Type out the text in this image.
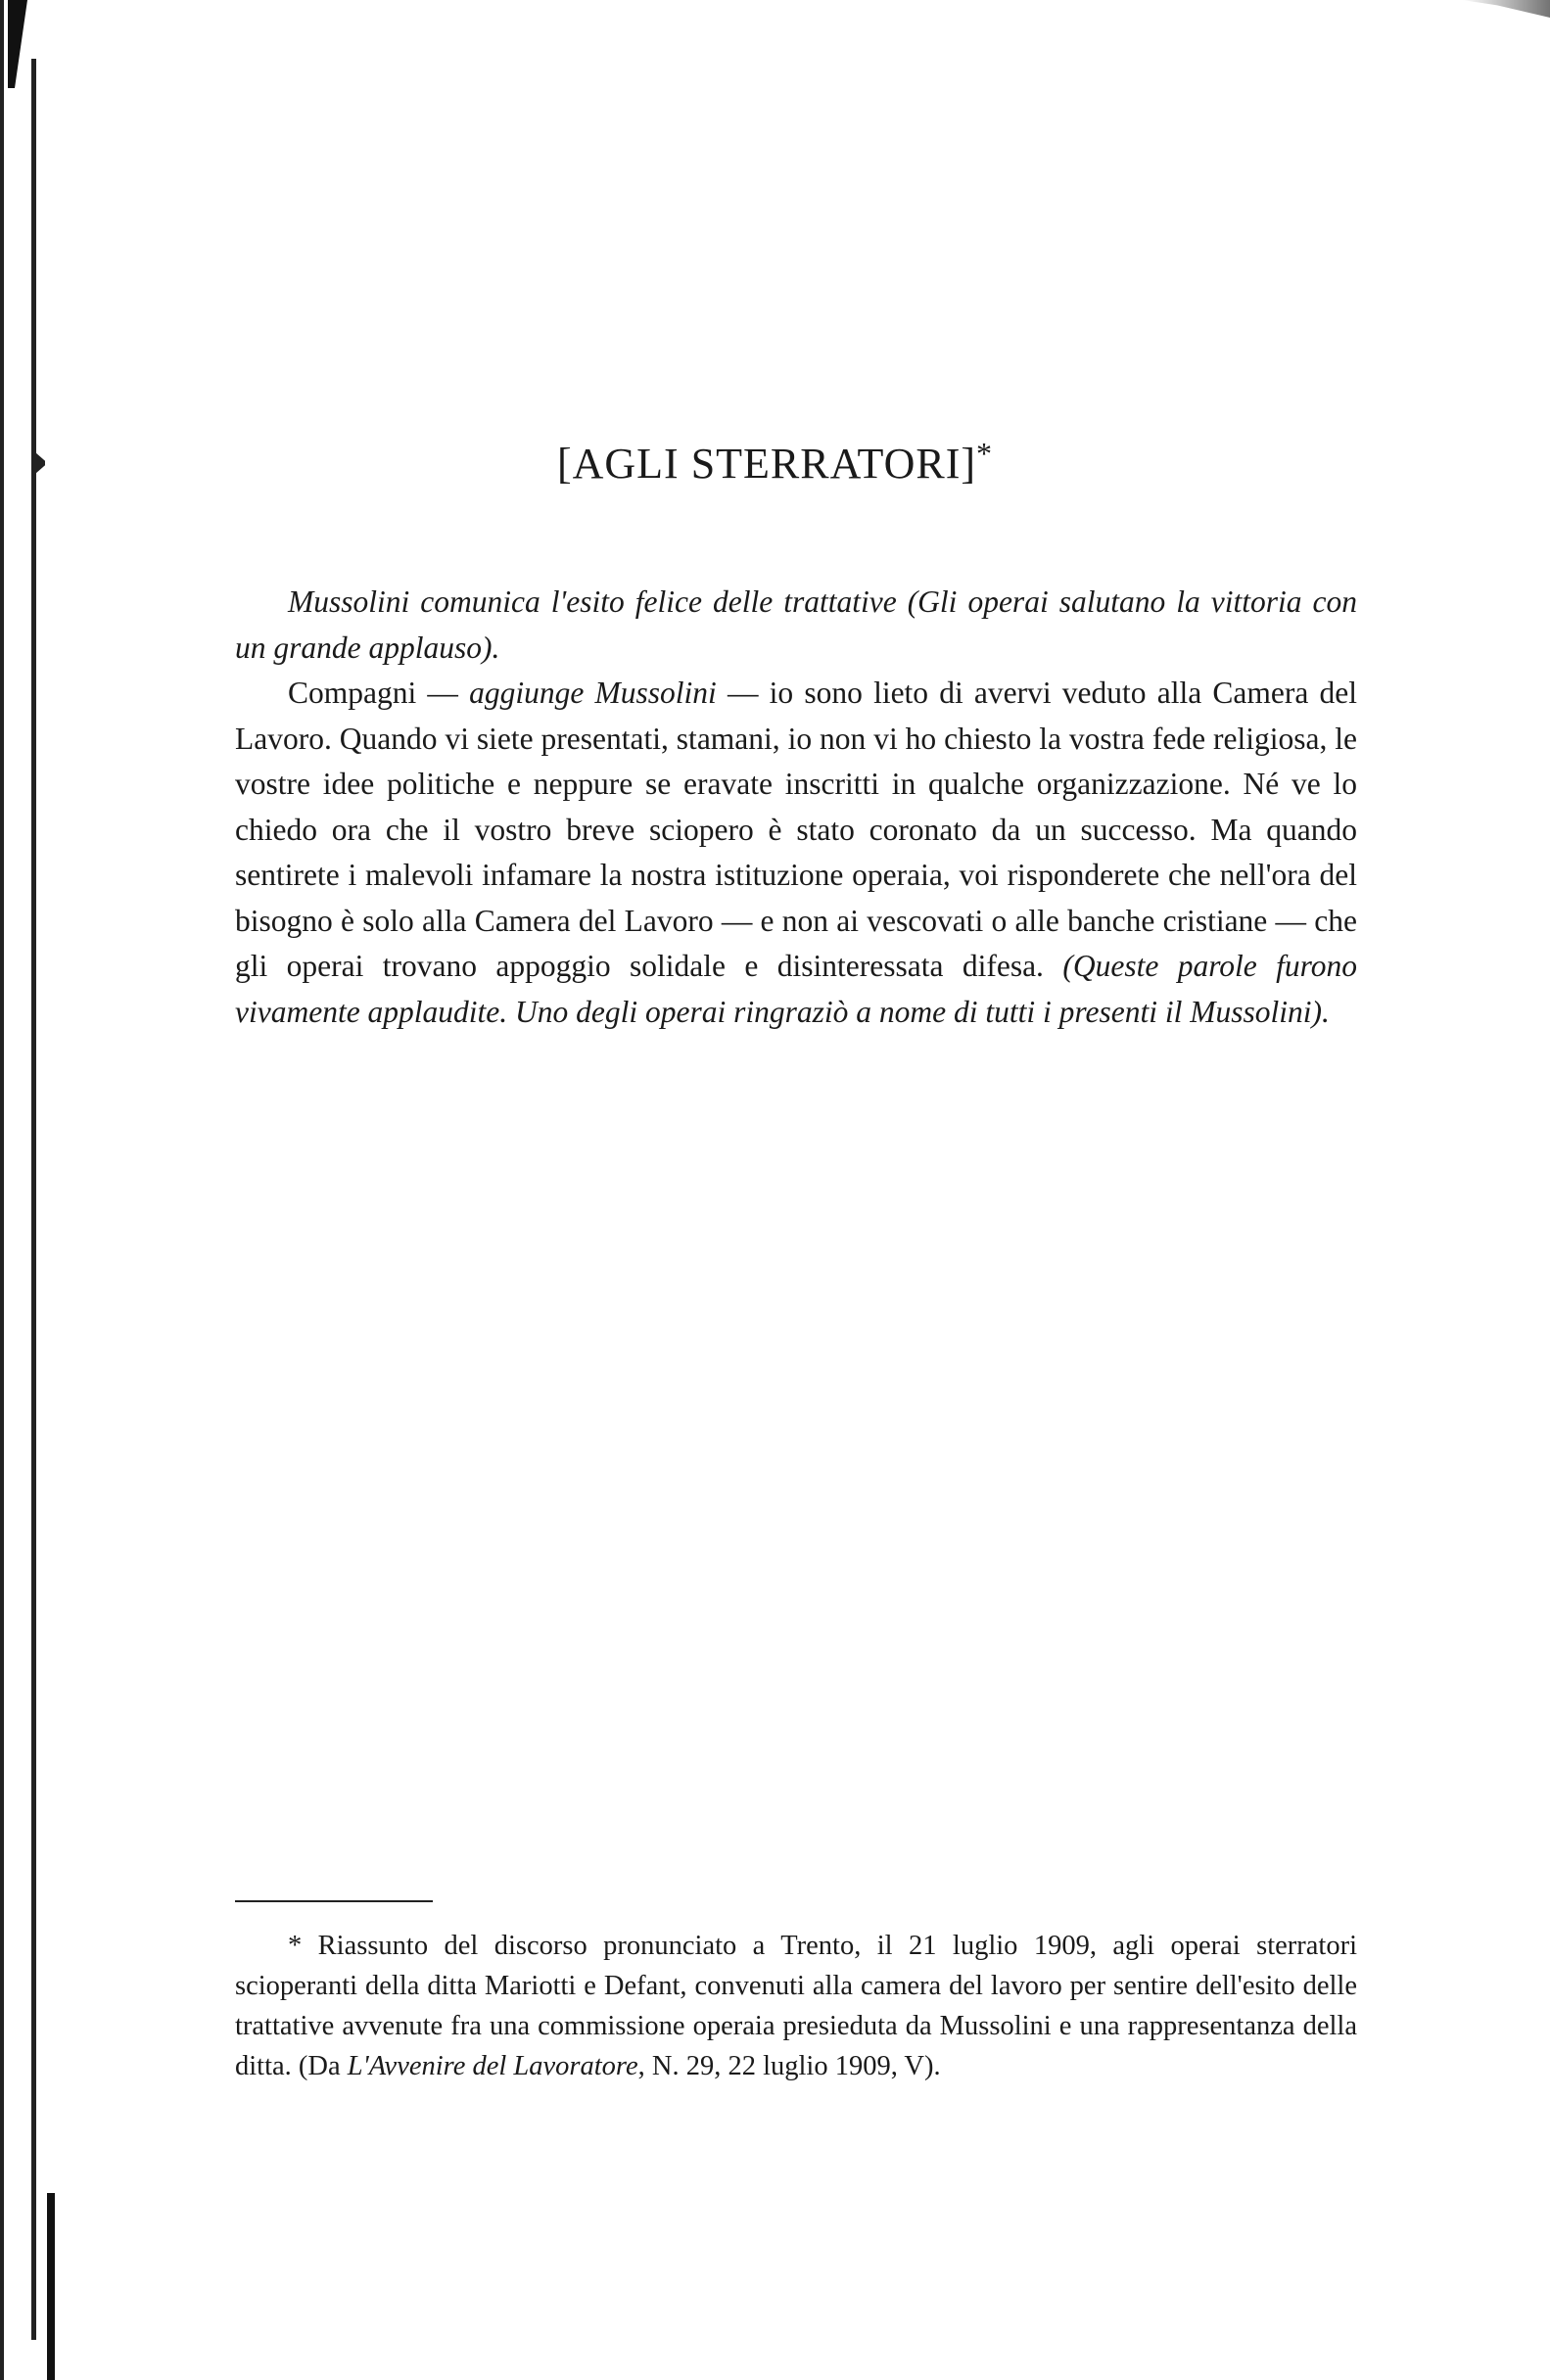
[AGLI STERRATORI]*

Mussolini comunica l'esito felice delle trattative (Gli operai salutano la vittoria con un grande applauso).

Compagni — aggiunge Mussolini — io sono lieto di avervi veduto alla Camera del Lavoro. Quando vi siete presentati, stamani, io non vi ho chiesto la vostra fede religiosa, le vostre idee politiche e neppure se eravate inscritti in qualche organizzazione. Né ve lo chiedo ora che il vostro breve sciopero è stato coronato da un successo. Ma quando sentirete i malevoli infamare la nostra istituzione operaia, voi risponderete che nell'ora del bisogno è solo alla Camera del Lavoro — e non ai vescovati o alle banche cristiane — che gli operai trovano appoggio solidale e disinteressata difesa. (Queste parole furono vivamente applaudite. Uno degli operai ringraziò a nome di tutti i presenti il Mussolini).

* Riassunto del discorso pronunciato a Trento, il 21 luglio 1909, agli operai sterratori scioperanti della ditta Mariotti e Defant, convenuti alla camera del lavoro per sentire dell'esito delle trattative avvenute fra una commissione operaia presieduta da Mussolini e una rappresentanza della ditta. (Da L'Avvenire del Lavoratore, N. 29, 22 luglio 1909, V).
